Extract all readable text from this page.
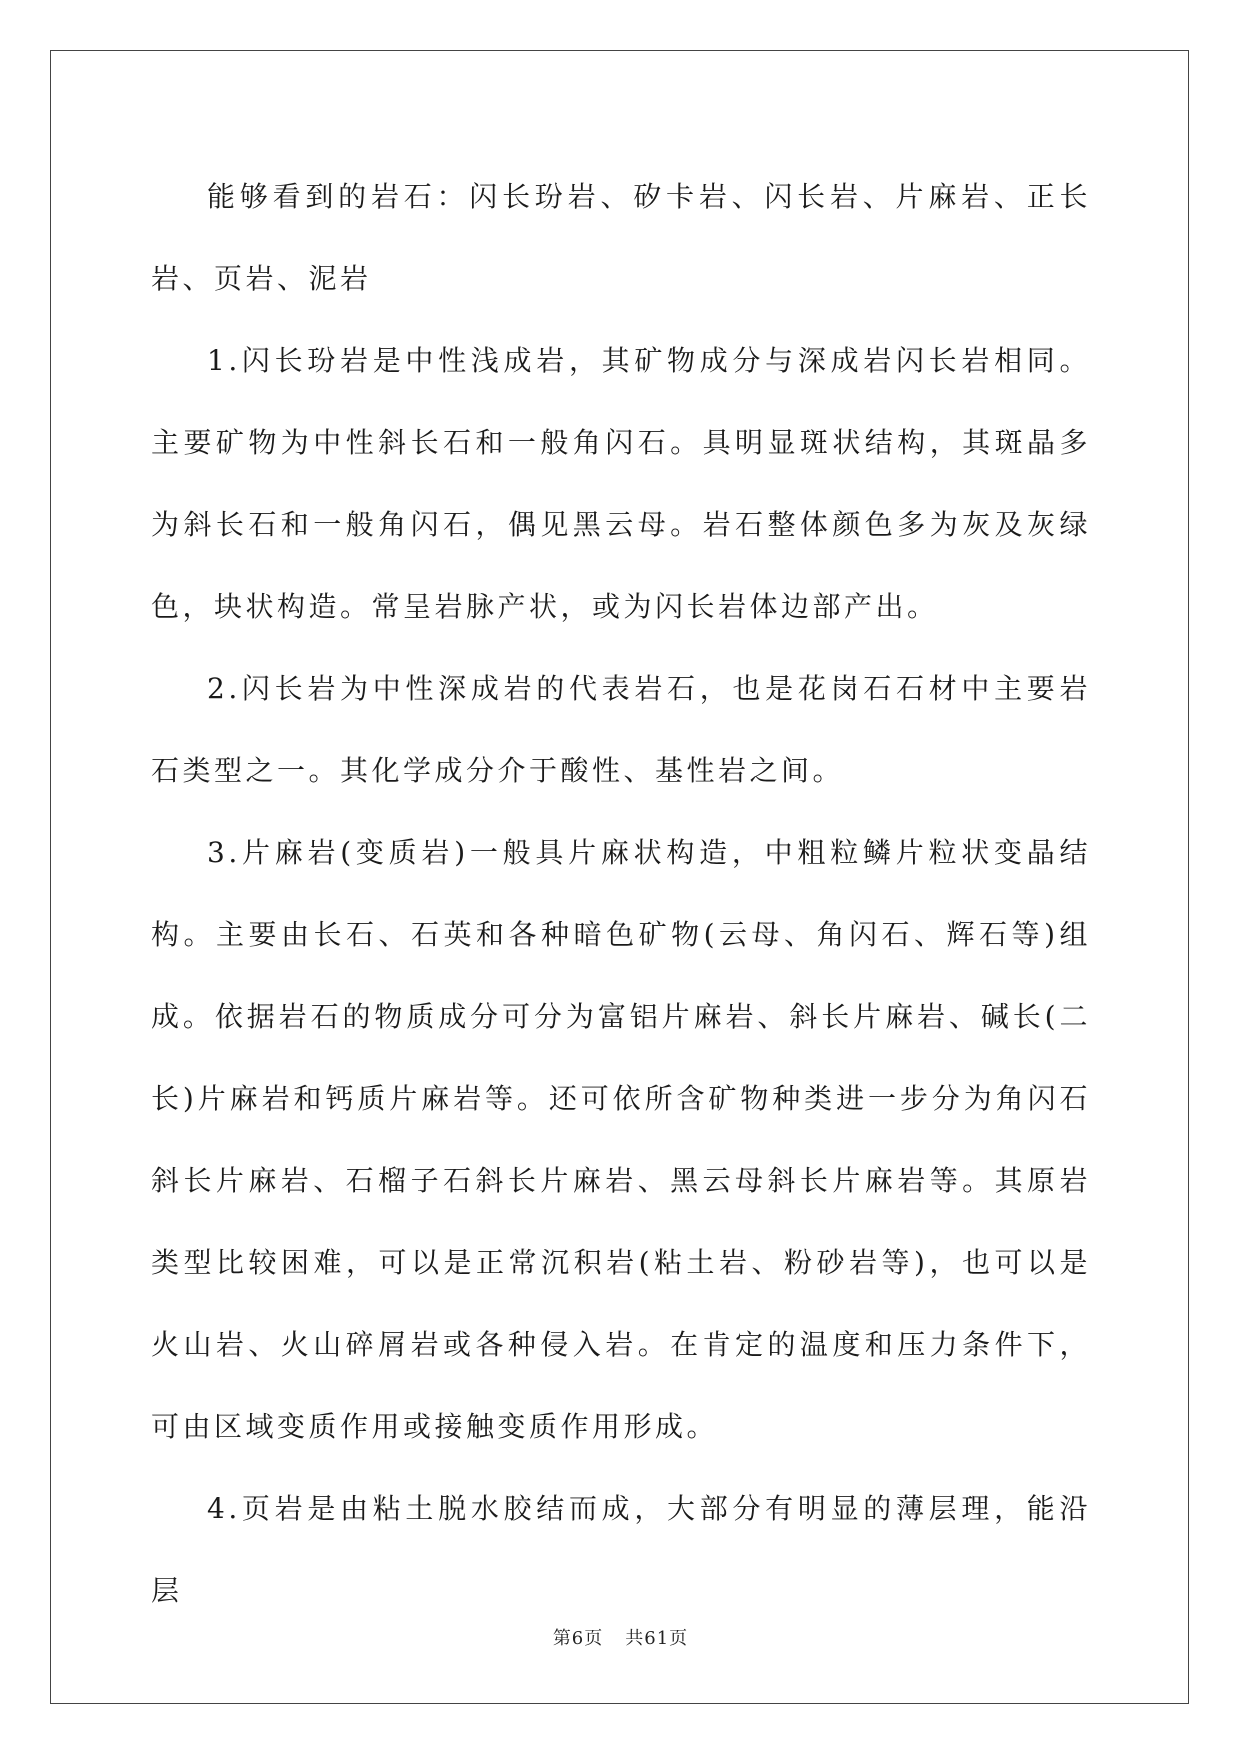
能够看到的岩石：闪长玢岩、矽卡岩、闪长岩、片麻岩、正长岩、页岩、泥岩

1.闪长玢岩是中性浅成岩，其矿物成分与深成岩闪长岩相同。主要矿物为中性斜长石和一般角闪石。具明显斑状结构，其斑晶多为斜长石和一般角闪石，偶见黑云母。岩石整体颜色多为灰及灰绿色，块状构造。常呈岩脉产状，或为闪长岩体边部产出。

2.闪长岩为中性深成岩的代表岩石，也是花岗石石材中主要岩石类型之一。其化学成分介于酸性、基性岩之间。

3.片麻岩(变质岩)一般具片麻状构造，中粗粒鳞片粒状变晶结构。主要由长石、石英和各种暗色矿物(云母、角闪石、辉石等)组成。依据岩石的物质成分可分为富铝片麻岩、斜长片麻岩、碱长(二长)片麻岩和钙质片麻岩等。还可依所含矿物种类进一步分为角闪石斜长片麻岩、石榴子石斜长片麻岩、黑云母斜长片麻岩等。其原岩类型比较困难，可以是正常沉积岩(粘土岩、粉砂岩等)，也可以是火山岩、火山碎屑岩或各种侵入岩。在肯定的温度和压力条件下，可由区域变质作用或接触变质作用形成。

4.页岩是由粘土脱水胶结而成，大部分有明显的薄层理，能沿层

第6页 共61页
